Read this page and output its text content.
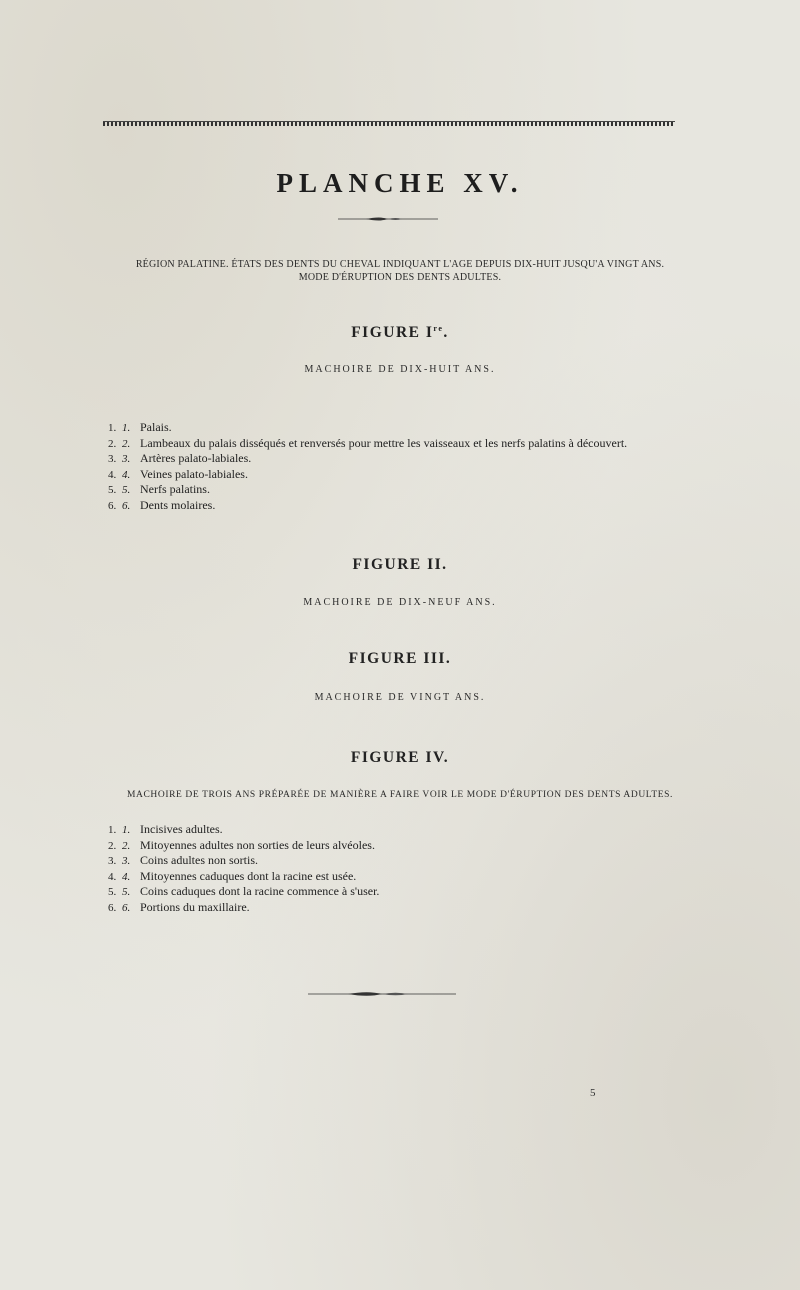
PLANCHE XV.
RÉGION PALATINE. ÉTATS DES DENTS DU CHEVAL INDIQUANT L'AGE DEPUIS DIX-HUIT JUSQU'A VINGT ANS.
MODE D'ÉRUPTION DES DENTS ADULTES.
FIGURE Ire.
MACHOIRE DE DIX-HUIT ANS.
1. 1. Palais.
2. 2. Lambeaux du palais disséqués et renversés pour mettre les vaisseaux et les nerfs palatins à découvert.
3. 3. Artères palato-labiales.
4. 4. Veines palato-labiales.
5. 5. Nerfs palatins.
6. 6. Dents molaires.
FIGURE II.
MACHOIRE DE DIX-NEUF ANS.
FIGURE III.
MACHOIRE DE VINGT ANS.
FIGURE IV.
MACHOIRE DE TROIS ANS PRÉPARÉE DE MANIÈRE A FAIRE VOIR LE MODE D'ÉRUPTION DES DENTS ADULTES.
1. 1. Incisives adultes.
2. 2. Mitoyennes adultes non sorties de leurs alvéoles.
3. 3. Coins adultes non sortis.
4. 4. Mitoyennes caduques dont la racine est usée.
5. 5. Coins caduques dont la racine commence à s'user.
6. 6. Portions du maxillaire.
5
